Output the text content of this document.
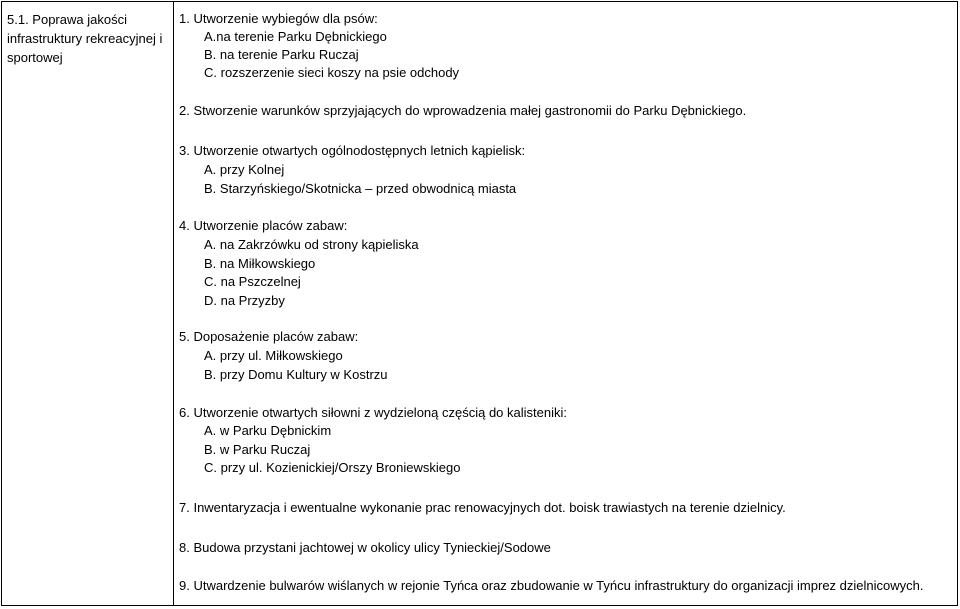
5.1. Poprawa jakości
infrastruktury rekreacyjnej i
sportowej
1. Utworzenie wybiegów dla psów:
A.na terenie Parku Dębnickiego
B. na terenie Parku Ruczaj
C. rozszerzenie sieci koszy na psie odchody
2. Stworzenie warunków sprzyjających do wprowadzenia małej gastronomii do Parku Dębnickiego.
3. Utworzenie otwartych ogólnodostępnych letnich kąpielisk:
A. przy Kolnej
B. Starzyńskiego/Skotnicka – przed obwodnicą miasta
4. Utworzenie placów zabaw:
A. na Zakrzówku od strony kąpieliska
B. na Miłkowskiego
C. na Pszczelnej
D. na Przyzby
5. Doposażenie placów zabaw:
A. przy ul. Miłkowskiego
B. przy Domu Kultury w Kostrzu
6. Utworzenie otwartych siłowni z wydzieloną częścią do kalisteniki:
A. w Parku Dębnickim
B. w Parku Ruczaj
C. przy ul. Kozienickiej/Orszy Broniewskiego
7. Inwentaryzacja i ewentualne wykonanie prac renowacyjnych dot. boisk trawiastych na terenie dzielnicy.
8. Budowa przystani jachtowej w okolicy ulicy Tynieckiej/Sodowe
9. Utwardzenie bulwarów wiślanych w rejonie Tyńca oraz zbudowanie w Tyńcu infrastruktury do organizacji imprez dzielnicowych.
